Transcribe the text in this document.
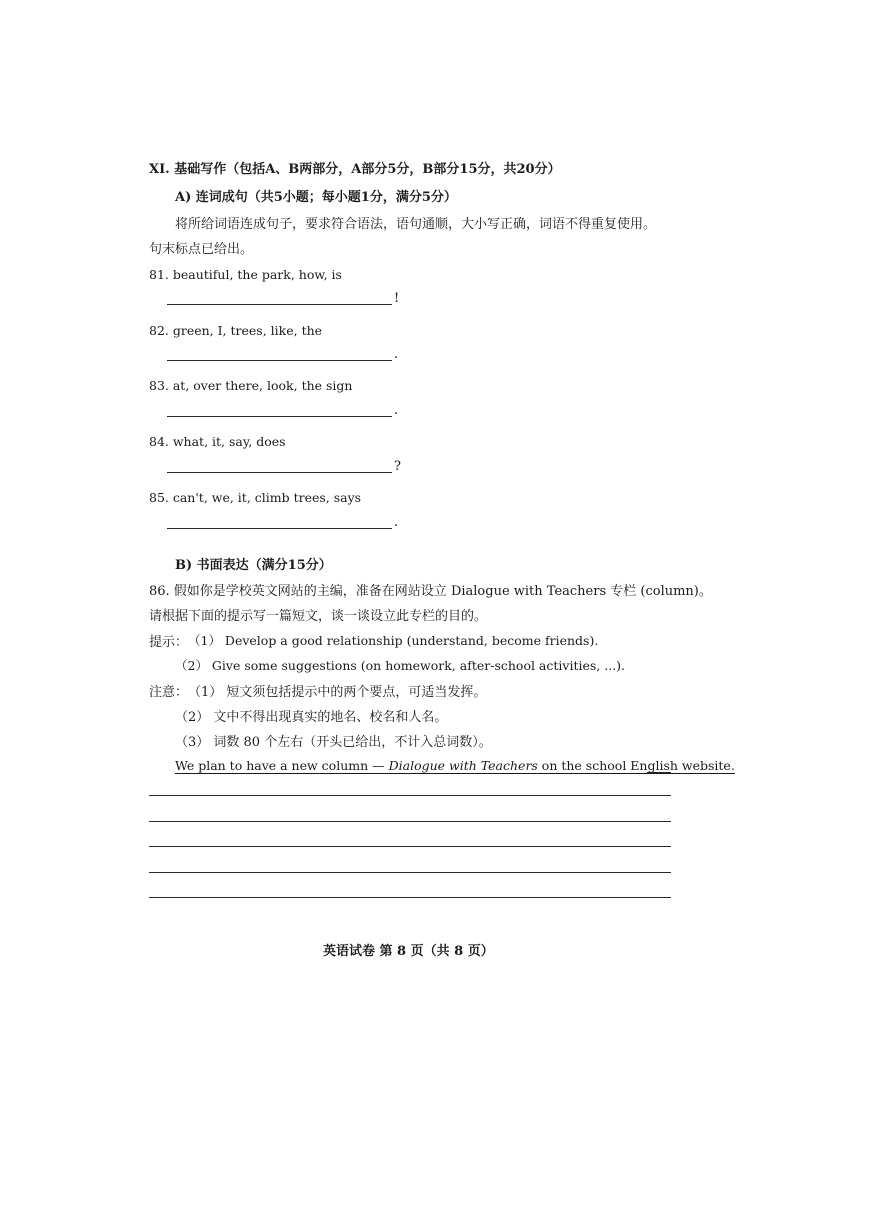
XI. 基础写作（包括A、B两部分，A部分5分，B部分15分，共20分）
A) 连词成句（共5小题；每小题1分，满分5分）
将所给词语连成句子，要求符合语法，语句通顺，大小写正确，词语不得重复使用。
句末标点已给出。
81. beautiful, the park, how, is
!
82. green, I, trees, like, the
.
83. at, over there, look, the sign
.
84. what, it, say, does
?
85. can't, we, it, climb trees, says
.
B) 书面表达（满分15分）
86. 假如你是学校英文网站的主编，准备在网站设立 Dialogue with Teachers 专栏 (column)。
请根据下面的提示写一篇短文，谈一谈设立此专栏的目的。
提示： （1） Develop a good relationship (understand, become friends).
（2） Give some suggestions (on homework, after-school activities, ...).
注意： （1） 短文须包括提示中的两个要点，可适当发挥。
（2） 文中不得出现真实的地名、校名和人名。
（3） 词数 80 个左右（开头已给出，不计入总词数）。
We plan to have a new column — Dialogue with Teachers on the school English website.
英语试卷 第 8 页（共 8 页）
